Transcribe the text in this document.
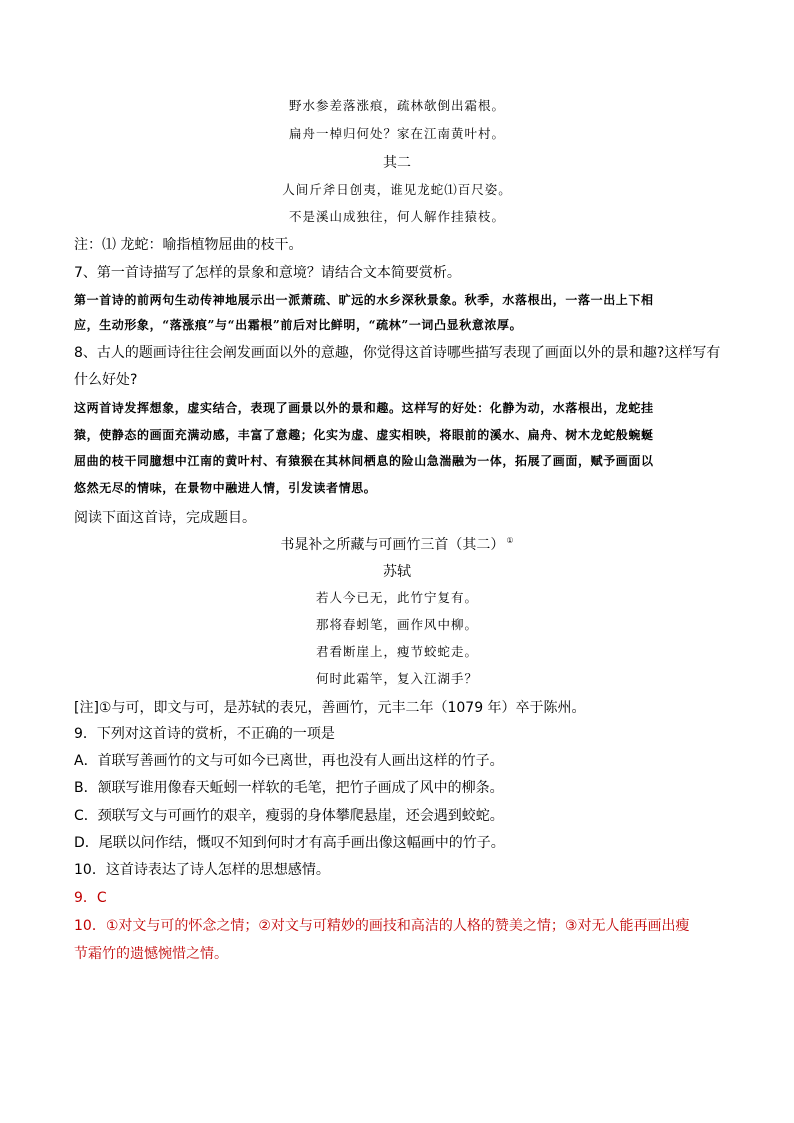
野水参差落涨痕，疏林欹倒出霜根。
扁舟一棹归何处？家在江南黄叶村。
其二
人间斤斧日创夷，谁见龙蛇⑴百尺姿。
不是溪山成独往，何人解作挂猿枝。
注：⑴ 龙蛇：喻指植物屈曲的枝干。
7、第一首诗描写了怎样的景象和意境？请结合文本简要赏析。
第一首诗的前两句生动传神地展示出一派萧疏、旷远的水乡深秋景象。秋季，水落根出，一落一出上下相
应，生动形象，“落涨痕”与“出霜根”前后对比鲜明，“疏林”一词凸显秋意浓厚。
8、古人的题画诗往往会阐发画面以外的意趣，你觉得这首诗哪些描写表现了画面以外的景和趣?这样写有
什么好处?
这两首诗发挥想象，虚实结合，表现了画景以外的景和趣。这样写的好处：化静为动，水落根出，龙蛇挂
猿，使静态的画面充满动感，丰富了意趣；化实为虚、虚实相映，将眼前的溪水、扁舟、树木龙蛇般蜿蜒
屈曲的枝干同臆想中江南的黄叶村、有猿猴在其林间栖息的险山急湍融为一体，拓展了画面，赋予画面以
悠然无尽的情味，在景物中融进人情，引发读者情思。
阅读下面这首诗，完成题目。
书晁补之所藏与可画竹三首（其二） ①
苏轼
若人今已无，此竹宁复有。
那将春蚓笔，画作风中柳。
君看断崖上，瘦节蛟蛇走。
何时此霜竿，复入江湖手？
[注]①与可，即文与可，是苏轼的表兄，善画竹，元丰二年（1079 年）卒于陈州。
9．下列对这首诗的赏析，不正确的一项是
A．首联写善画竹的文与可如今已离世，再也没有人画出这样的竹子。
B．颔联写谁用像春天蚯蚓一样软的毛笔，把竹子画成了风中的柳条。
C．颈联写文与可画竹的艰辛，瘦弱的身体攀爬悬崖，还会遇到蛟蛇。
D．尾联以问作结，慨叹不知到何时才有高手画出像这幅画中的竹子。
10．这首诗表达了诗人怎样的思想感情。
9．C
10．①对文与可的怀念之情；②对文与可精妙的画技和高洁的人格的赞美之情；③对无人能再画出瘦
节霜竹的遗憾惋惜之情。
